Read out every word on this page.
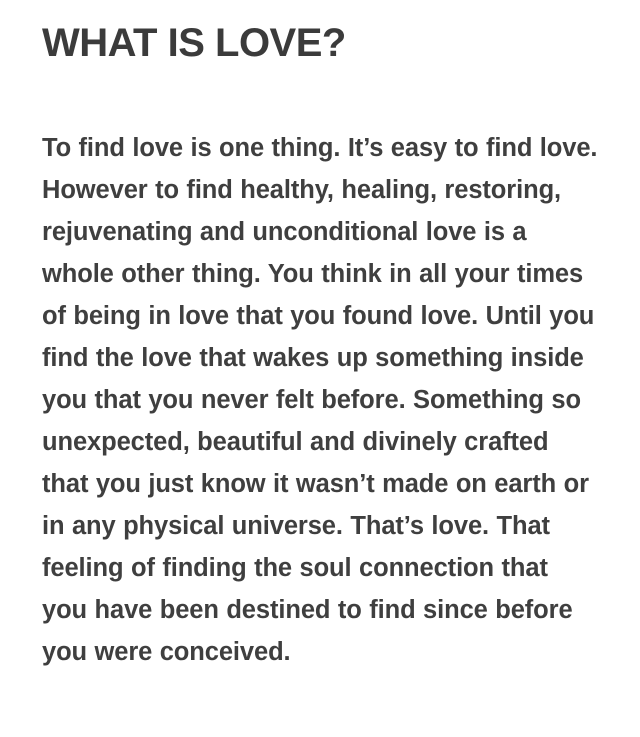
WHAT IS LOVE?

To find love is one thing. It’s easy to find love. However to find healthy, healing, restoring, rejuvenating and unconditional love is a whole other thing. You think in all your times of being in love that you found love. Until you find the love that wakes up something inside you that you never felt before. Something so unexpected, beautiful and divinely crafted that you just know it wasn’t made on earth or in any physical universe. That’s love. That feeling of finding the soul connection that you have been destined to find since before you were conceived.
